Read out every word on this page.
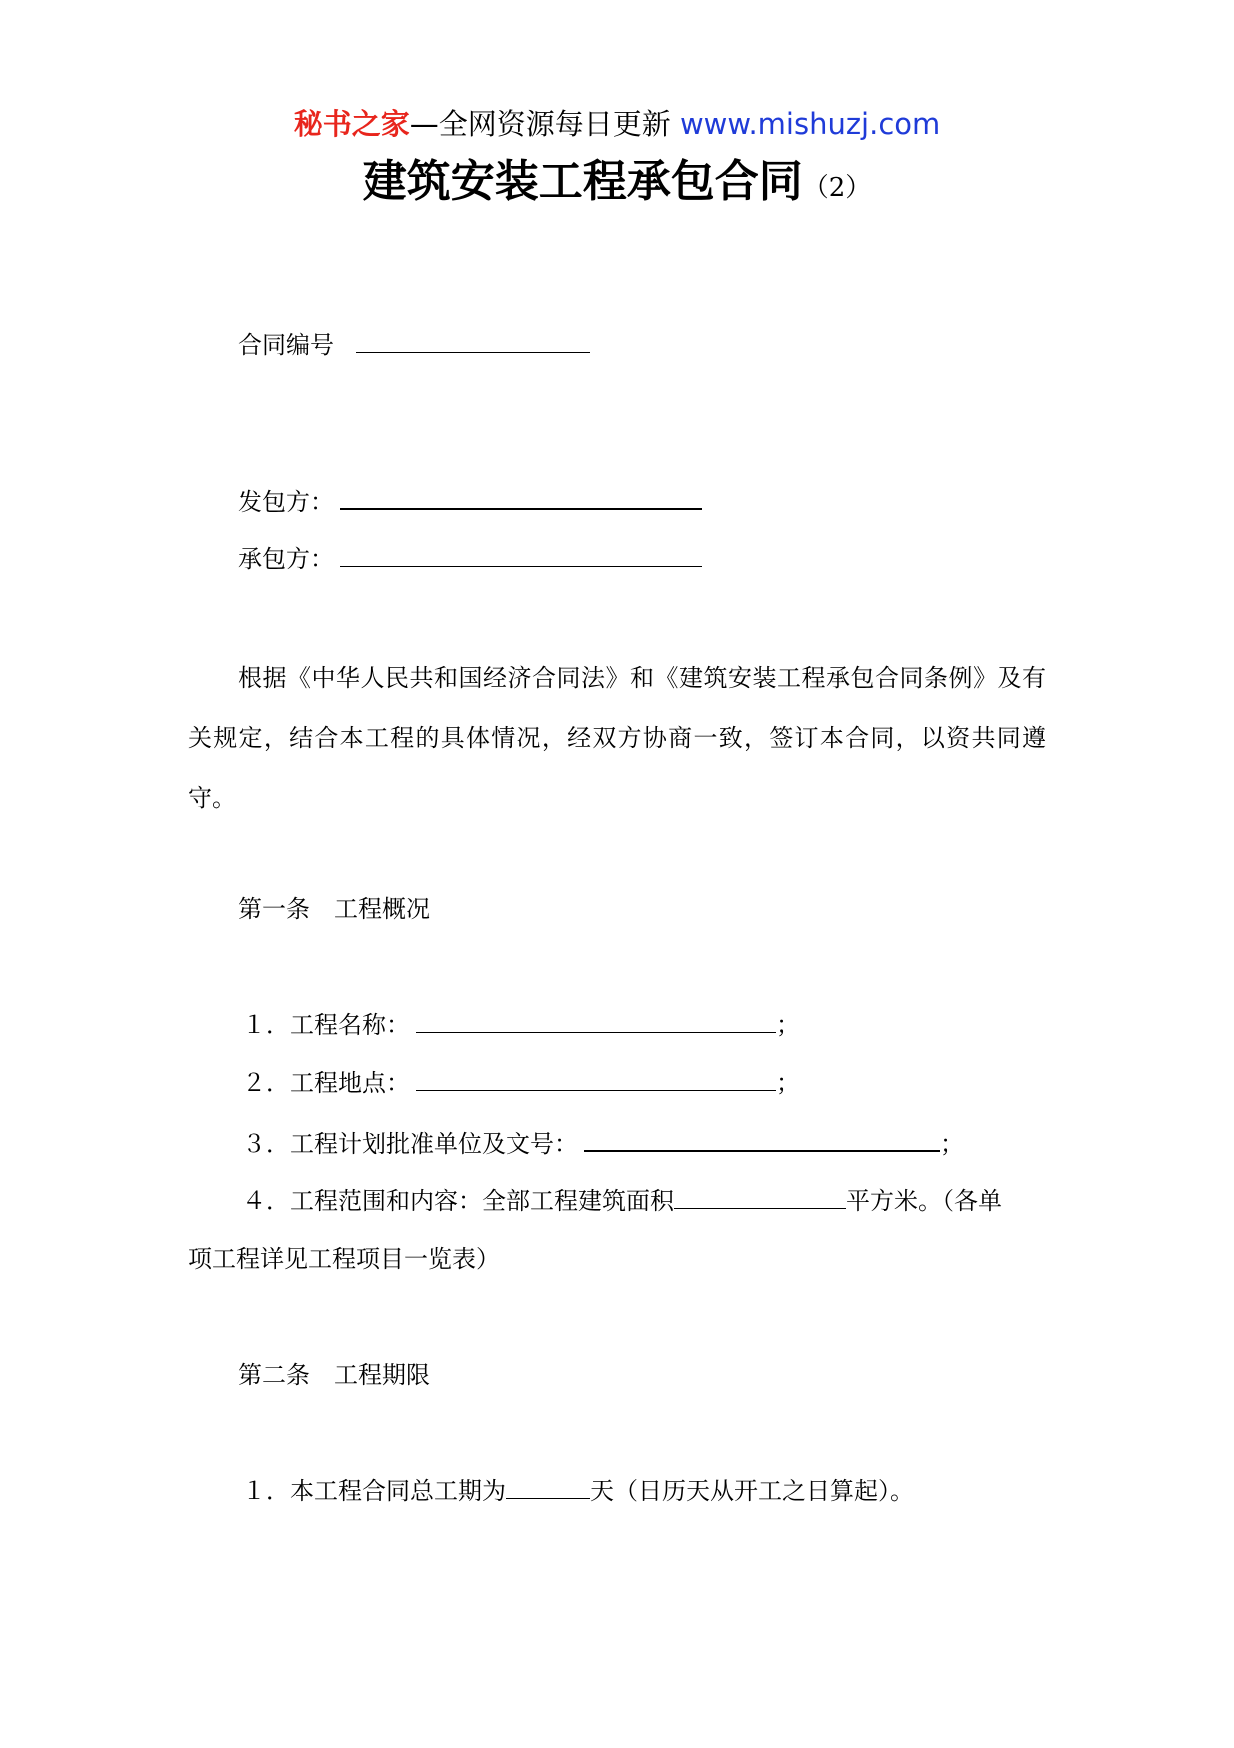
秘书之家—全网资源每日更新 www.mishuzj.com
建筑安装工程承包合同（2）
合同编号
发包方：
承包方：
根据《中华人民共和国经济合同法》和《建筑安装工程承包合同条例》及有关规定，结合本工程的具体情况，经双方协商一致，签订本合同，以资共同遵守。
第一条　工程概况
１．工程名称：	；
２．工程地点：	；
３．工程计划批准单位及文号：	；
４．工程范围和内容：全部工程建筑面积	平方米。（各单
项工程详见工程项目一览表）
第二条　工程期限
１．本工程合同总工期为	天（日历天从开工之日算起）。
